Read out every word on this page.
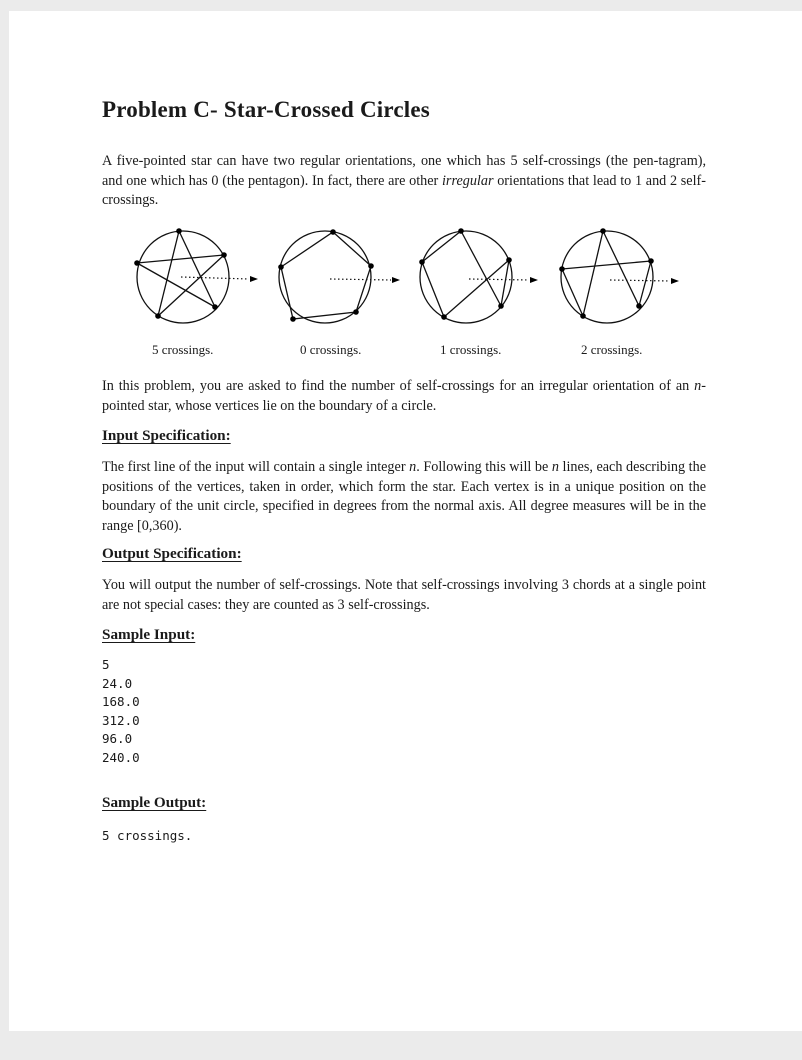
Problem C- Star-Crossed Circles

A five-pointed star can have two regular orientations, one which has 5 self-crossings (the pen-tagram), and one which has 0 (the pentagon). In fact, there are other irregular orientations that lead to 1 and 2 self-crossings.

5 crossings.	0 crossings.	1 crossings.	2 crossings.

In this problem, you are asked to find the number of self-crossings for an irregular orientation of an n-pointed star, whose vertices lie on the boundary of a circle.

Input Specification:

The first line of the input will contain a single integer n. Following this will be n lines, each describing the positions of the vertices, taken in order, which form the star. Each vertex is in a unique position on the boundary of the unit circle, specified in degrees from the normal axis. All degree measures will be in the range [0,360).

Output Specification:

You will output the number of self-crossings. Note that self-crossings involving 3 chords at a single point are not special cases: they are counted as 3 self-crossings.

Sample Input:
5
24.0
168.0
312.0
96.0
240.0
Sample Output:
5 crossings.
